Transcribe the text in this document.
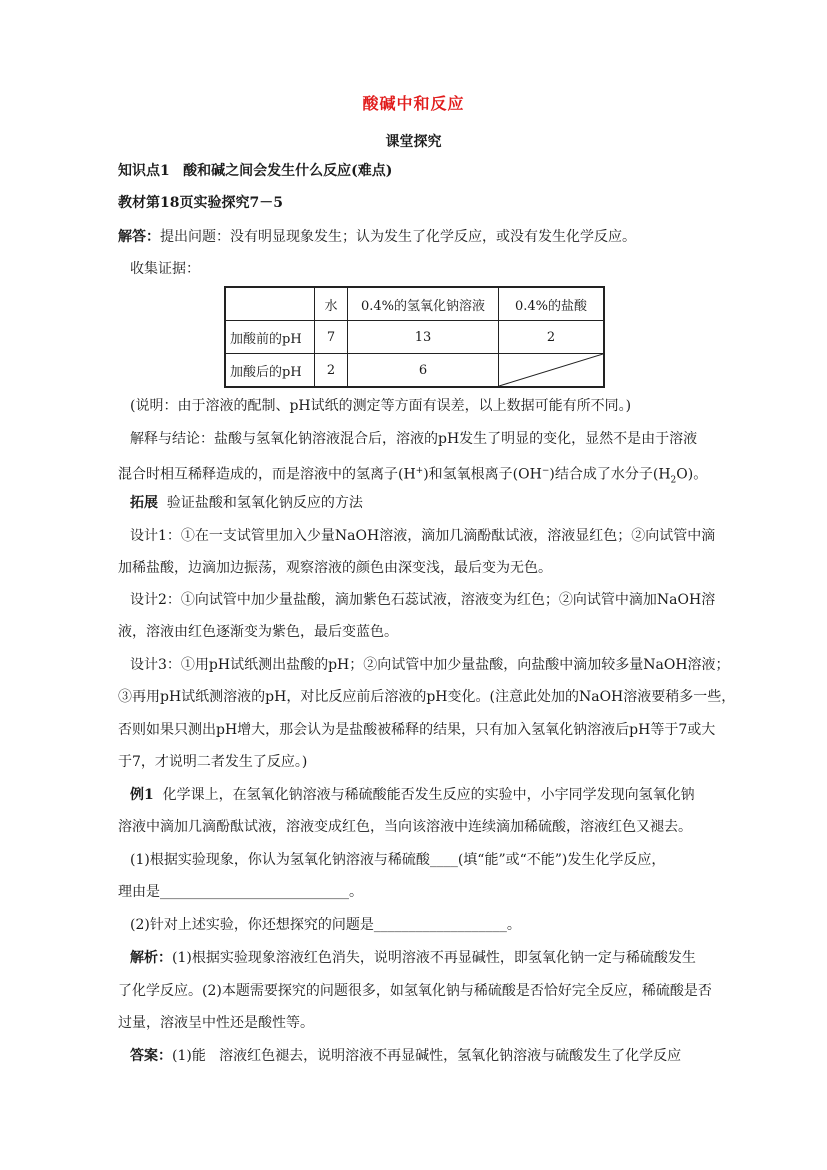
酸碱中和反应
课堂探究
知识点1 酸和碱之间会发生什么反应(难点)
教材第18页实验探究7－5
解答：提出问题：没有明显现象发生；认为发生了化学反应，或没有发生化学反应。
收集证据：
	水	0.4%的氢氧化钠溶液	0.4%的盐酸
加酸前的pH	7	13	2
加酸后的pH	2	6	
(说明：由于溶液的配制、pH试纸的测定等方面有误差，以上数据可能有所不同。)
解释与结论：盐酸与氢氧化钠溶液混合后，溶液的pH发生了明显的变化，显然不是由于溶液
混合时相互稀释造成的，而是溶液中的氢离子(H+)和氢氧根离子(OH−)结合成了水分子$(H_2O)$。
拓展 验证盐酸和氢氧化钠反应的方法
设计1：①在一支试管里加入少量NaOH溶液，滴加几滴酚酞试液，溶液显红色；②向试管中滴
加稀盐酸，边滴加边振荡，观察溶液的颜色由深变浅，最后变为无色。
设计2：①向试管中加少量盐酸，滴加紫色石蕊试液，溶液变为红色；②向试管中滴加NaOH溶
液，溶液由红色逐渐变为紫色，最后变蓝色。
设计3：①用pH试纸测出盐酸的pH；②向试管中加少量盐酸，向盐酸中滴加较多量NaOH溶液；
③再用pH试纸测溶液的pH，对比反应前后溶液的pH变化。(注意此处加的NaOH溶液要稍多一些，
否则如果只测出pH增大，那会认为是盐酸被稀释的结果，只有加入氢氧化钠溶液后pH等于7或大
于7，才说明二者发生了反应。)
例1 化学课上，在氢氧化钠溶液与稀硫酸能否发生反应的实验中，小宇同学发现向氢氧化钠
溶液中滴加几滴酚酞试液，溶液变成红色，当向该溶液中连续滴加稀硫酸，溶液红色又褪去。
(1)根据实验现象，你认为氢氧化钠溶液与稀硫酸____(填“能”或“不能”)发生化学反应，
理由是___________________________。
(2)针对上述实验，你还想探究的问题是___________________。
解析：(1)根据实验现象溶液红色消失，说明溶液不再显碱性，即氢氧化钠一定与稀硫酸发生
了化学反应。(2)本题需要探究的问题很多，如氢氧化钠与稀硫酸是否恰好完全反应，稀硫酸是否
过量，溶液呈中性还是酸性等。
答案：(1)能   溶液红色褪去，说明溶液不再显碱性，氢氧化钠溶液与硫酸发生了化学反应
